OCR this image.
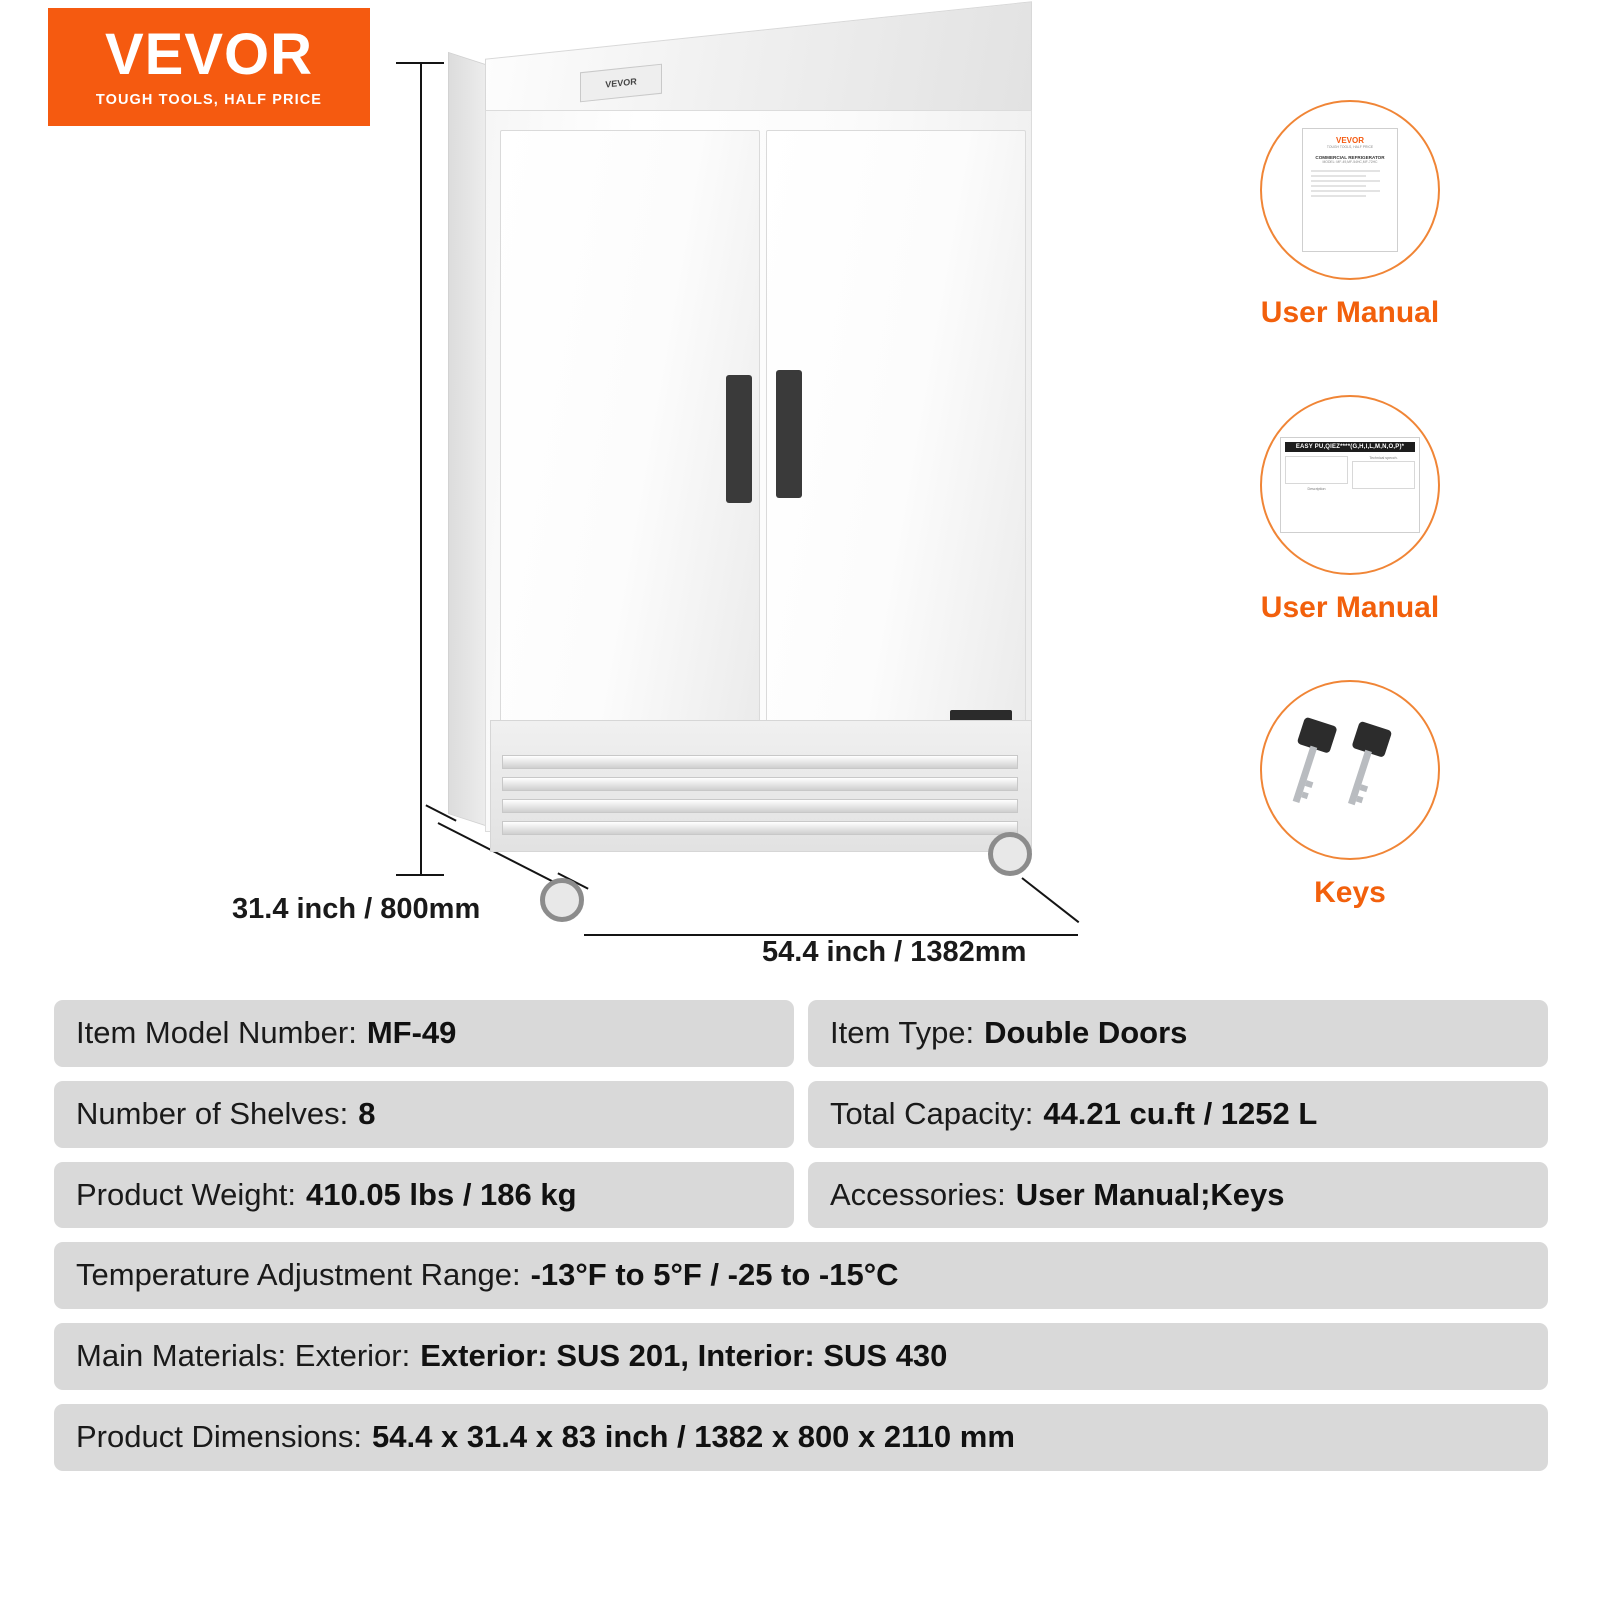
VEVOR
TOUGH TOOLS, HALF PRICE
31.4 inch / 800mm
54.4 inch / 1382mm
VEVOR
VEVOR
TOUGH TOOLS, HALF PRICE
COMMERCIAL REFRIGERATOR
MODEL: MF-49,MF-54HC,MF-72HC
User Manual
EASY PU,QIEZ****(G,H,I,L,M,N,O,P)*
Description
Technical specch.
User Manual
Keys
Item Model Number: MF-49	Item Type: Double Doors
Number of Shelves: 8	Total Capacity: 44.21 cu.ft / 1252 L
Product Weight: 410.05 lbs / 186 kg	Accessories: User Manual;Keys
Temperature Adjustment Range: -13°F to 5°F / -25 to -15°C
Main Materials: Exterior: Exterior: SUS 201, Interior: SUS 430
Product Dimensions: 54.4 x 31.4 x 83 inch / 1382 x 800 x 2110 mm
